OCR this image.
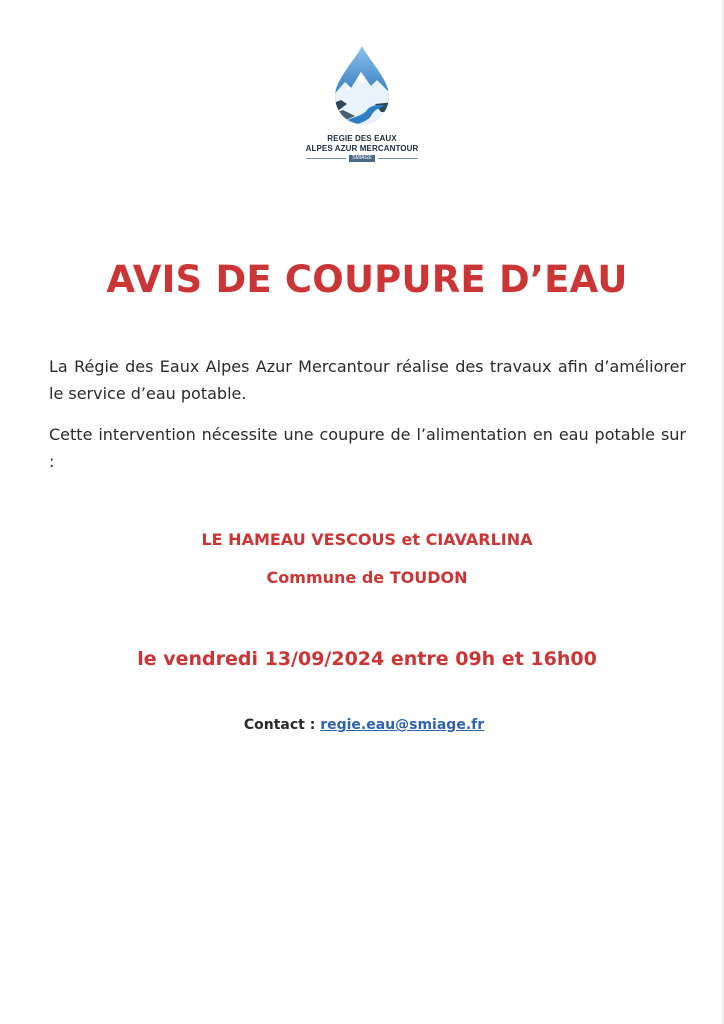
REGIE DES EAUX
ALPES AZUR MERCANTOUR
SMIAGE
AVIS DE COUPURE D’EAU
La Régie des Eaux Alpes Azur Mercantour réalise des travaux afin d’améliorer le service d’eau potable.
Cette intervention nécessite une coupure de l’alimentation en eau potable sur :
LE HAMEAU VESCOUS et CIAVARLINA
Commune de TOUDON
le vendredi 13/09/2024 entre 09h et 16h00
Contact : regie.eau@smiage.fr
